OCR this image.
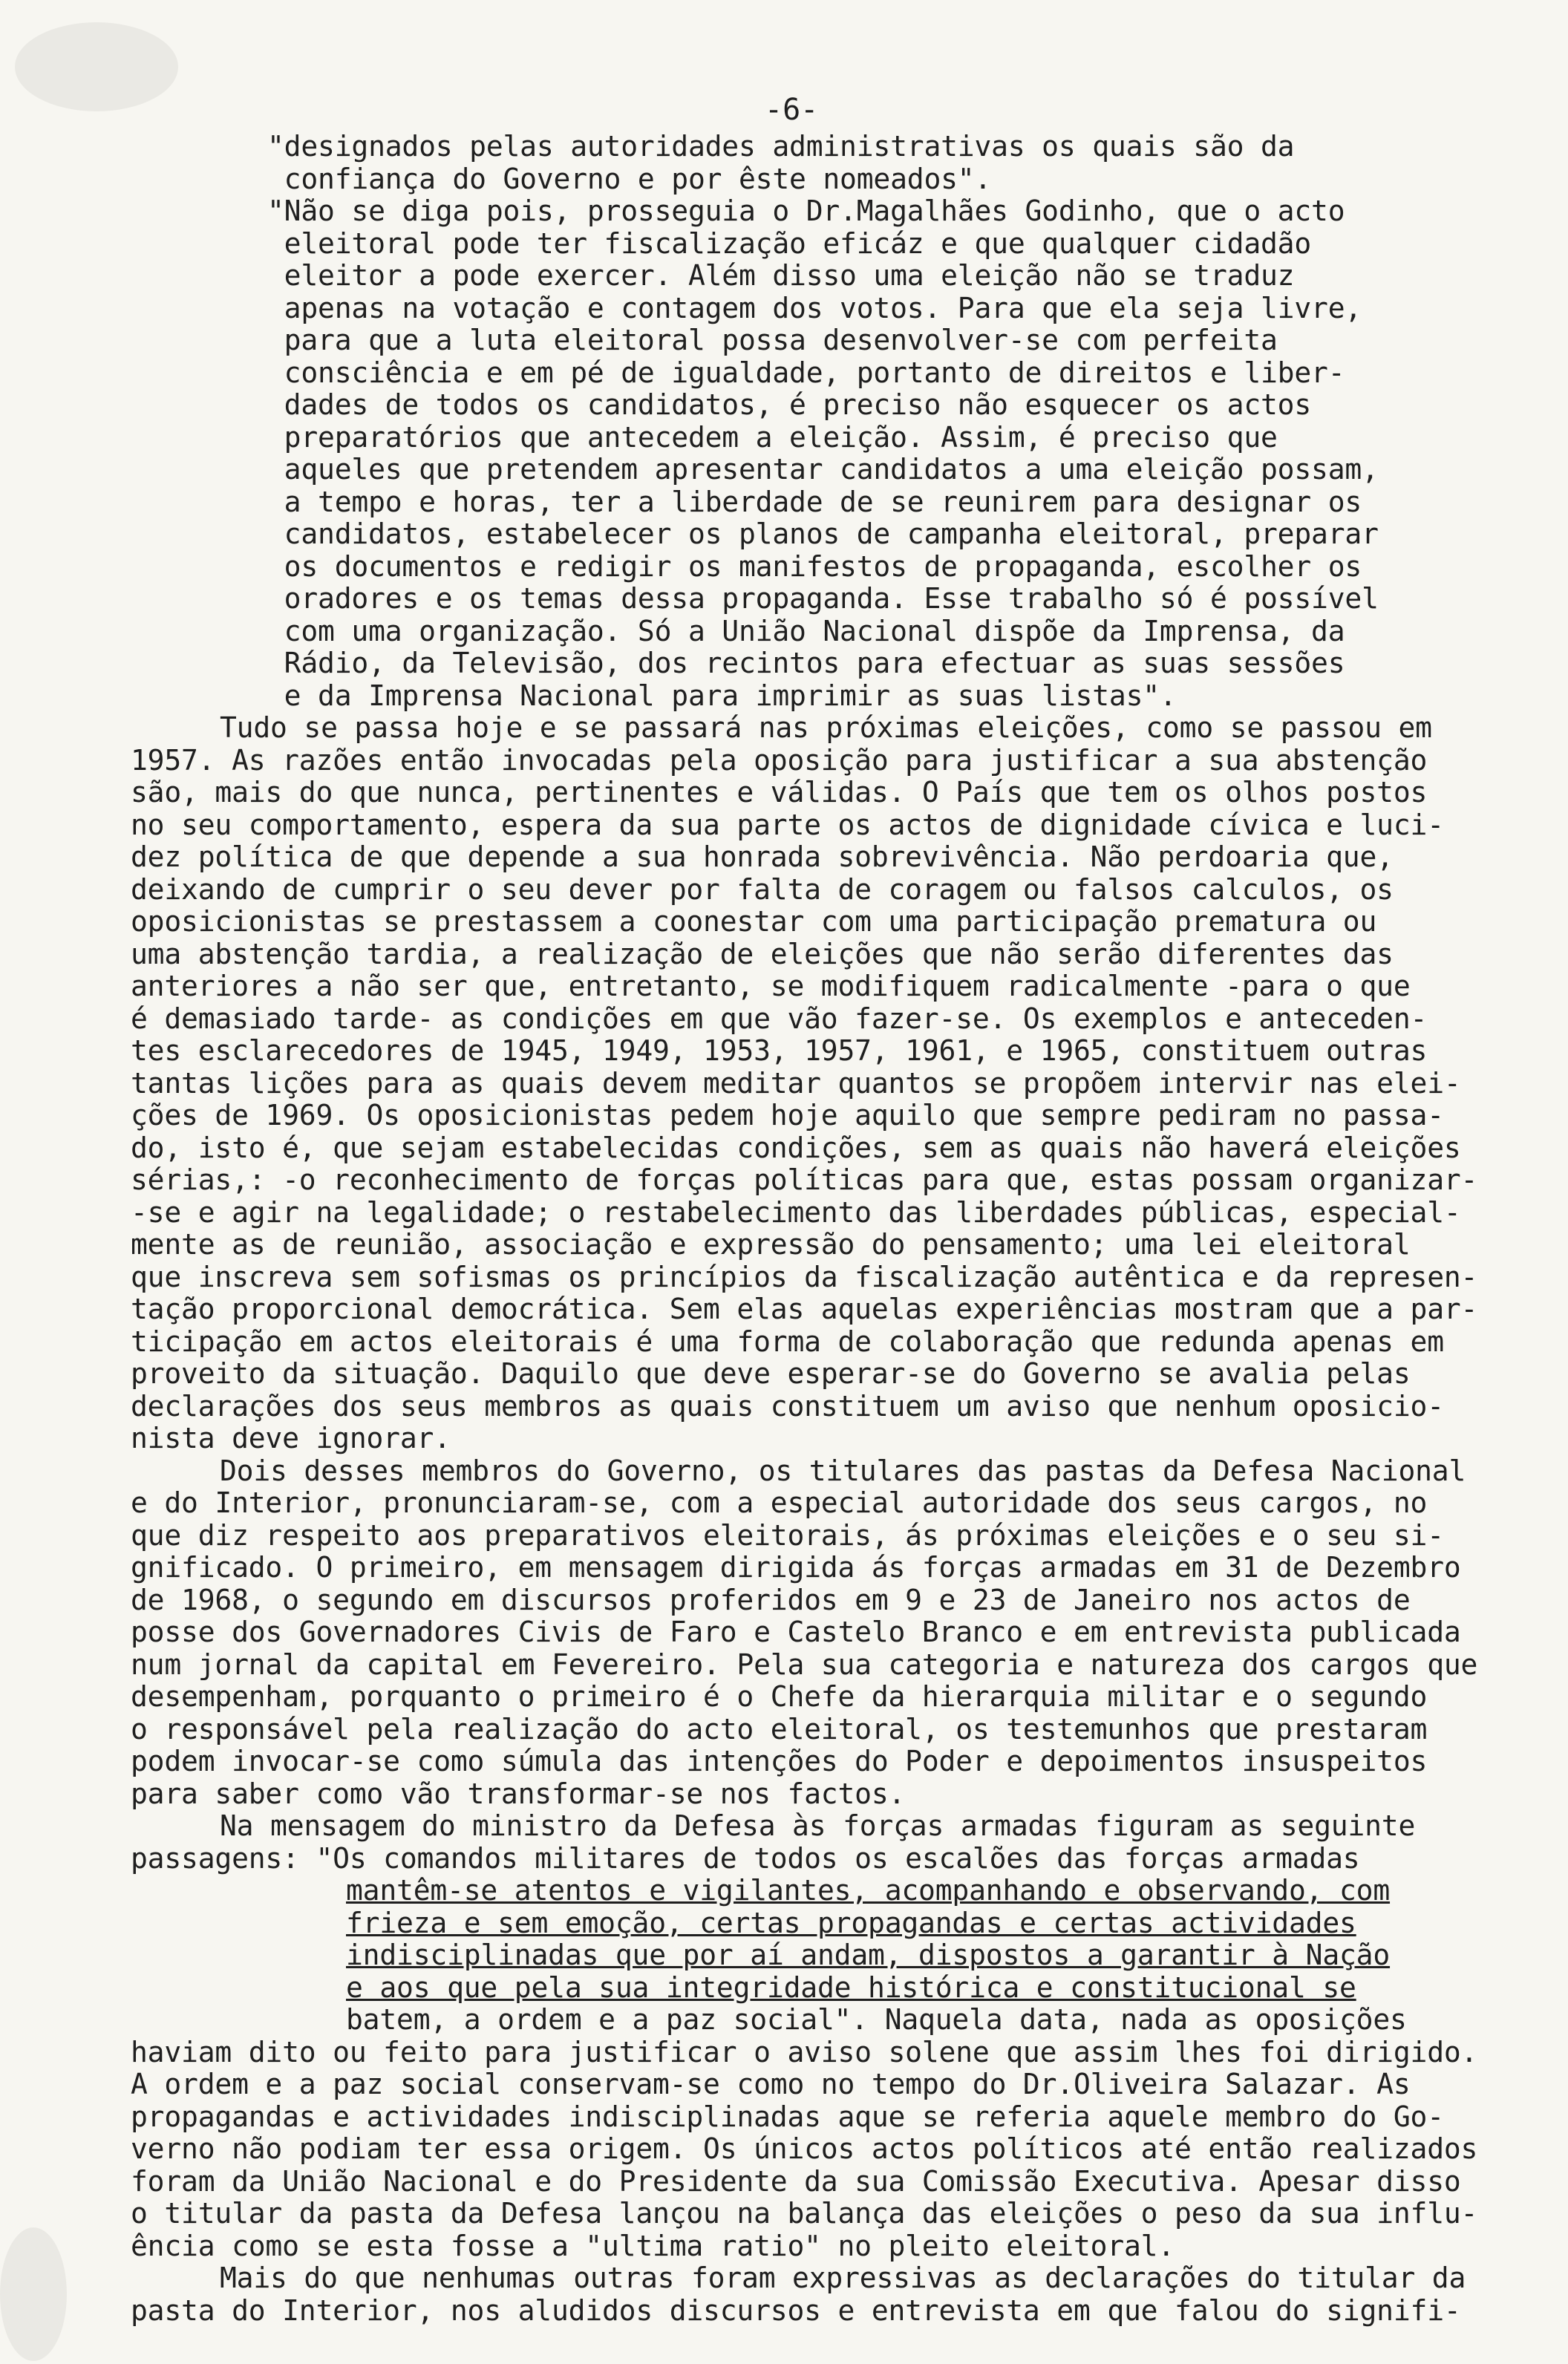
-6-
"designados pelas autoridades administrativas os quais são da
confiança do Governo e por êste nomeados".
"Não se diga pois, prosseguia o Dr.Magalhães Godinho, que o acto
eleitoral pode ter fiscalização eficáz e que qualquer cidadão
eleitor a pode exercer. Além disso uma eleição não se traduz
apenas na votação e contagem dos votos. Para que ela seja livre,
para que a luta eleitoral possa desenvolver-se com perfeita
consciência e em pé de igualdade, portanto de direitos e liber-
dades de todos os candidatos, é preciso não esquecer os actos
preparatórios que antecedem a eleição. Assim, é preciso que
aqueles que pretendem apresentar candidatos a uma eleição possam,
a tempo e horas, ter a liberdade de se reunirem para designar os
candidatos, estabelecer os planos de campanha eleitoral, preparar
os documentos e redigir os manifestos de propaganda, escolher os
oradores e os temas dessa propaganda. Esse trabalho só é possível
com uma organização. Só a União Nacional dispõe da Imprensa, da
Rádio, da Televisão, dos recintos para efectuar as suas sessões
e da Imprensa Nacional para imprimir as suas listas".
Tudo se passa hoje e se passará nas próximas eleições, como se passou em
1957. As razões então invocadas pela oposição para justificar a sua abstenção
são, mais do que nunca, pertinentes e válidas. O País que tem os olhos postos
no seu comportamento, espera da sua parte os actos de dignidade cívica e luci-
dez política de que depende a sua honrada sobrevivência. Não perdoaria que,
deixando de cumprir o seu dever por falta de coragem ou falsos calculos, os
oposicionistas se prestassem a coonestar com uma participação prematura ou
uma abstenção tardia, a realização de eleições que não serão diferentes das
anteriores a não ser que, entretanto, se modifiquem radicalmente -para o que
é demasiado tarde- as condições em que vão fazer-se. Os exemplos e anteceden-
tes esclarecedores de 1945, 1949, 1953, 1957, 1961, e 1965, constituem outras
tantas lições para as quais devem meditar quantos se propõem intervir nas elei-
ções de 1969. Os oposicionistas pedem hoje aquilo que sempre pediram no passa-
do, isto é, que sejam estabelecidas condições, sem as quais não haverá eleições
sérias,: -o reconhecimento de forças políticas para que, estas possam organizar-
-se e agir na legalidade; o restabelecimento das liberdades públicas, especial-
mente as de reunião, associação e expressão do pensamento; uma lei eleitoral
que inscreva sem sofismas os princípios da fiscalização autêntica e da represen-
tação proporcional democrática. Sem elas aquelas experiências mostram que a par-
ticipação em actos eleitorais é uma forma de colaboração que redunda apenas em
proveito da situação. Daquilo que deve esperar-se do Governo se avalia pelas
declarações dos seus membros as quais constituem um aviso que nenhum oposicio-
nista deve ignorar.
Dois desses membros do Governo, os titulares das pastas da Defesa Nacional
e do Interior, pronunciaram-se, com a especial autoridade dos seus cargos, no
que diz respeito aos preparativos eleitorais, ás próximas eleições e o seu si-
gnificado. O primeiro, em mensagem dirigida ás forças armadas em 31 de Dezembro
de 1968, o segundo em discursos proferidos em 9 e 23 de Janeiro nos actos de
posse dos Governadores Civis de Faro e Castelo Branco e em entrevista publicada
num jornal da capital em Fevereiro. Pela sua categoria e natureza dos cargos que
desempenham, porquanto o primeiro é o Chefe da hierarquia militar e o segundo
o responsável pela realização do acto eleitoral, os testemunhos que prestaram
podem invocar-se como súmula das intenções do Poder e depoimentos insuspeitos
para saber como vão transformar-se nos factos.
Na mensagem do ministro da Defesa às forças armadas figuram as seguinte
passagens: "Os comandos militares de todos os escalões das forças armadas
mantêm-se atentos e vigilantes, acompanhando e observando, com
frieza e sem emoção, certas propagandas e certas actividades
indisciplinadas que por aí andam, dispostos a garantir à Nação
e aos que pela sua integridade histórica e constitucional se
batem, a ordem e a paz social". Naquela data, nada as oposições
haviam dito ou feito para justificar o aviso solene que assim lhes foi dirigido.
A ordem e a paz social conservam-se como no tempo do Dr.Oliveira Salazar. As
propagandas e actividades indisciplinadas aque se referia aquele membro do Go-
verno não podiam ter essa origem. Os únicos actos políticos até então realizados
foram da União Nacional e do Presidente da sua Comissão Executiva. Apesar disso
o titular da pasta da Defesa lançou na balança das eleições o peso da sua influ-
ência como se esta fosse a "ultima ratio" no pleito eleitoral.
Mais do que nenhumas outras foram expressivas as declarações do titular da
pasta do Interior, nos aludidos discursos e entrevista em que falou do signifi-
